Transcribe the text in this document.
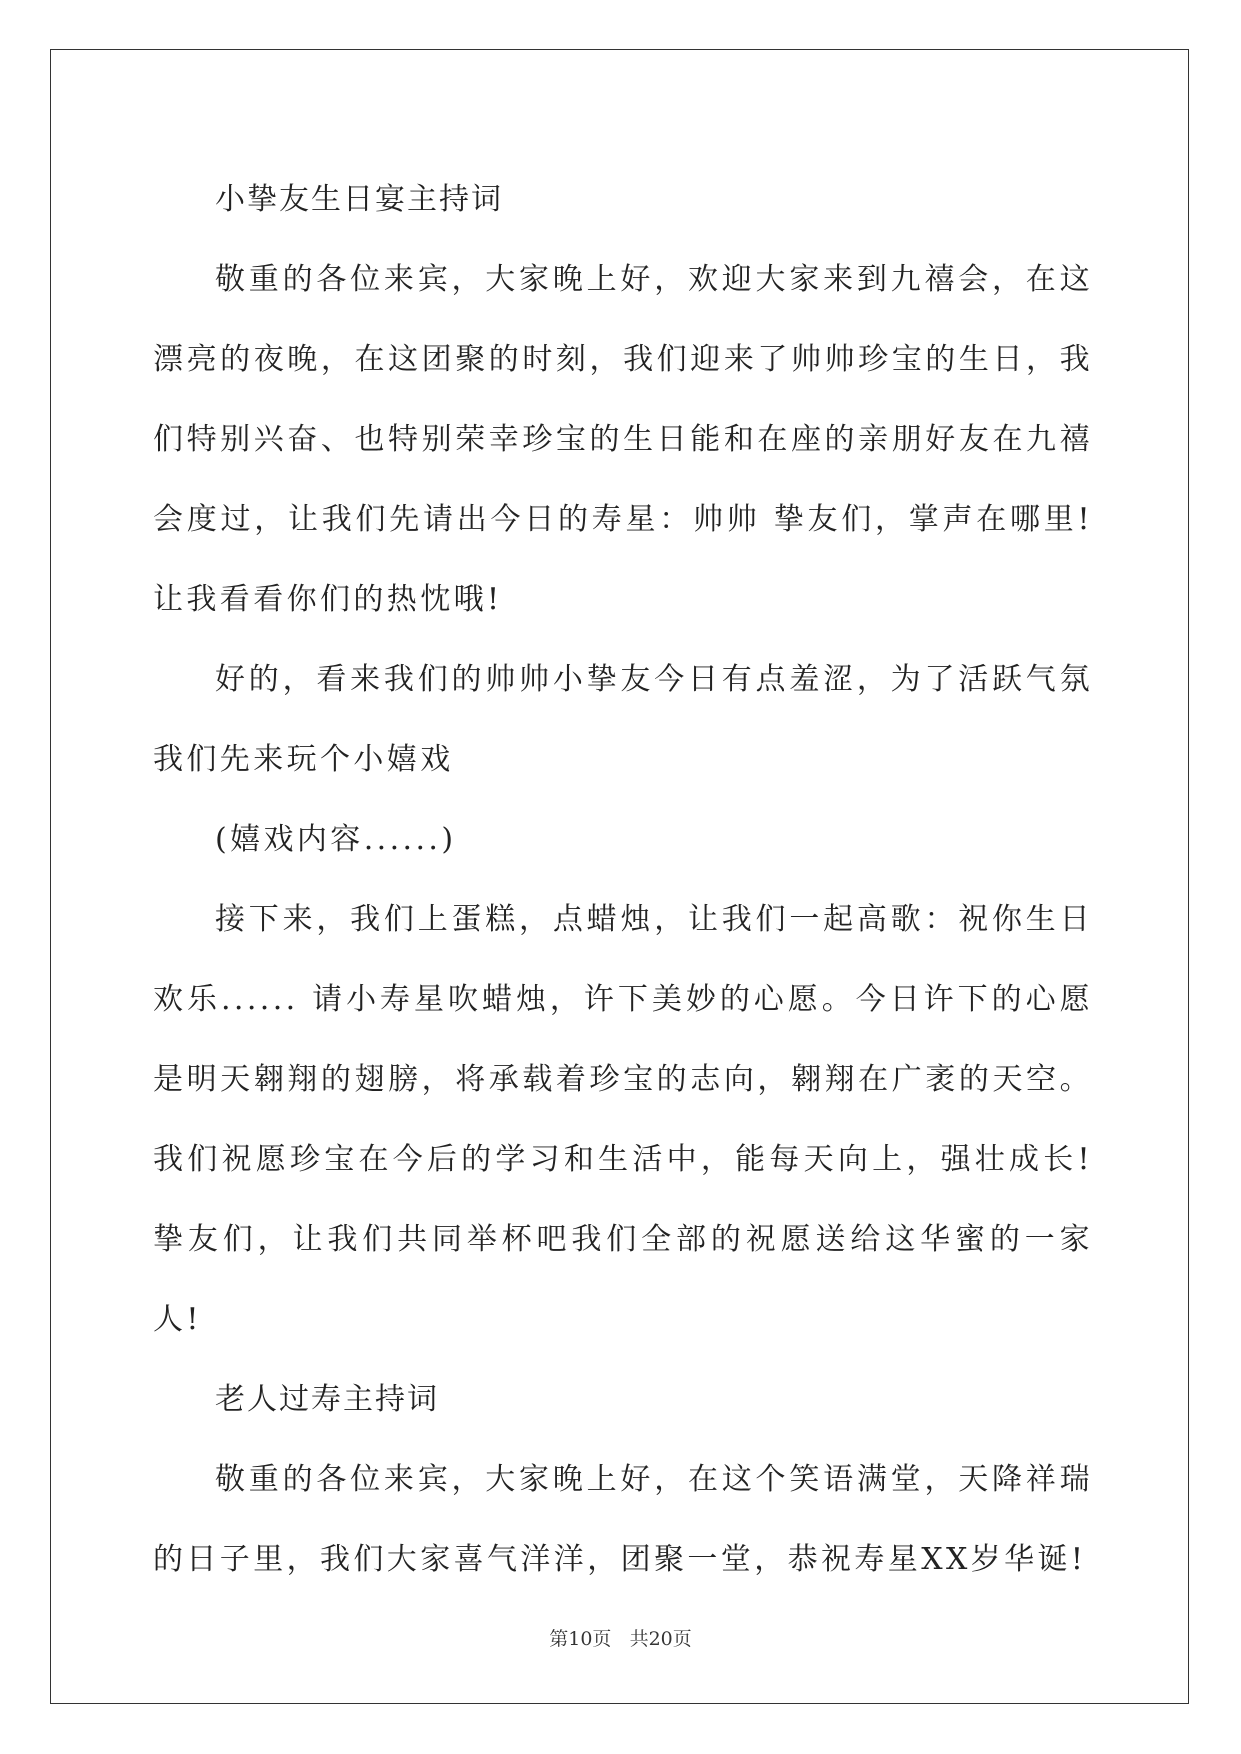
小挚友生日宴主持词

敬重的各位来宾，大家晚上好，欢迎大家来到九禧会，在这漂亮的夜晚，在这团聚的时刻，我们迎来了帅帅珍宝的生日，我们特别兴奋、也特别荣幸珍宝的生日能和在座的亲朋好友在九禧会度过，让我们先请出今日的寿星：帅帅 挚友们，掌声在哪里!让我看看你们的热忱哦!

好的，看来我们的帅帅小挚友今日有点羞涩，为了活跃气氛我们先来玩个小嬉戏

(嬉戏内容......)

接下来，我们上蛋糕，点蜡烛，让我们一起高歌：祝你生日欢乐...... 请小寿星吹蜡烛，许下美妙的心愿。今日许下的心愿是明天翱翔的翅膀，将承载着珍宝的志向，翱翔在广袤的天空。我们祝愿珍宝在今后的学习和生活中，能每天向上，强壮成长!挚友们，让我们共同举杯吧我们全部的祝愿送给这华蜜的一家人!

老人过寿主持词

敬重的各位来宾，大家晚上好，在这个笑语满堂，天降祥瑞的日子里，我们大家喜气洋洋，团聚一堂，恭祝寿星XX岁华诞!

第10页 共20页
